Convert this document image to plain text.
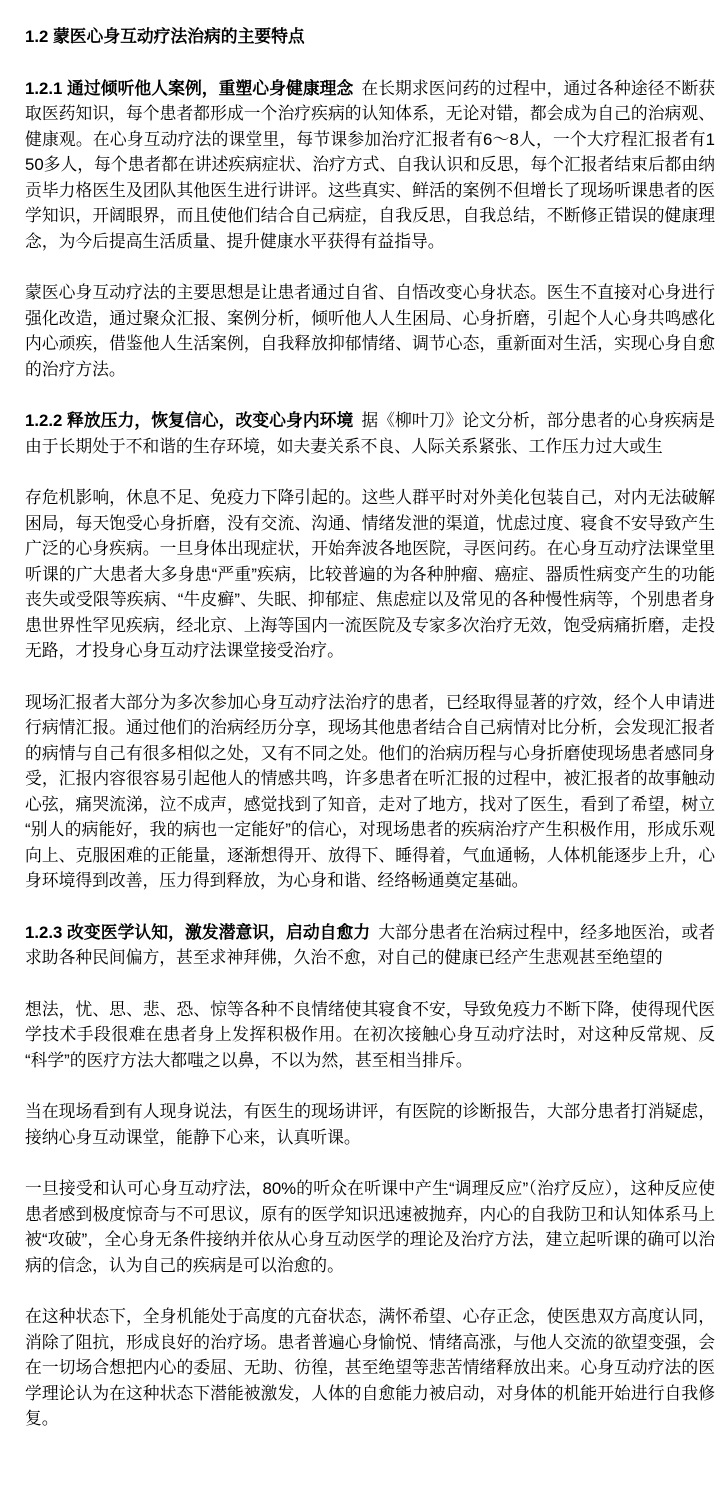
1.2 蒙医心身互动疗法治病的主要特点

1.2.1 通过倾听他人案例，重塑心身健康理念 在长期求医问药的过程中，通过各种途径不断获取医药知识，每个患者都形成一个治疗疾病的认知体系，无论对错，都会成为自己的治病观、健康观。在心身互动疗法的课堂里，每节课参加治疗汇报者有6～8人，一个大疗程汇报者有150多人，每个患者都在讲述疾病症状、治疗方式、自我认识和反思，每个汇报者结束后都由纳贡毕力格医生及团队其他医生进行讲评。这些真实、鲜活的案例不但增长了现场听课患者的医学知识，开阔眼界，而且使他们结合自己病症，自我反思，自我总结，不断修正错误的健康理念，为今后提高生活质量、提升健康水平获得有益指导。

蒙医心身互动疗法的主要思想是让患者通过自省、自悟改变心身状态。医生不直接对心身进行强化改造，通过聚众汇报、案例分析，倾听他人人生困局、心身折磨，引起个人心身共鸣感化内心顽疾，借鉴他人生活案例，自我释放抑郁情绪、调节心态，重新面对生活，实现心身自愈的治疗方法。

1.2.2 释放压力，恢复信心，改变心身内环境 据《柳叶刀》论文分析，部分患者的心身疾病是由于长期处于不和谐的生存环境，如夫妻关系不良、人际关系紧张、工作压力过大或生

存危机影响，休息不足、免疫力下降引起的。这些人群平时对外美化包装自己，对内无法破解困局，每天饱受心身折磨，没有交流、沟通、情绪发泄的渠道，忧虑过度、寝食不安导致产生广泛的心身疾病。一旦身体出现症状，开始奔波各地医院，寻医问药。在心身互动疗法课堂里听课的广大患者大多身患“严重”疾病，比较普遍的为各种肿瘤、癌症、器质性病变产生的功能丧失或受限等疾病、“牛皮癣”、失眠、抑郁症、焦虑症以及常见的各种慢性病等，个别患者身患世界性罕见疾病，经北京、上海等国内一流医院及专家多次治疗无效，饱受病痛折磨，走投无路，才投身心身互动疗法课堂接受治疗。

现场汇报者大部分为多次参加心身互动疗法治疗的患者，已经取得显著的疗效，经个人申请进行病情汇报。通过他们的治病经历分享，现场其他患者结合自己病情对比分析，会发现汇报者的病情与自己有很多相似之处，又有不同之处。他们的治病历程与心身折磨使现场患者感同身受，汇报内容很容易引起他人的情感共鸣，许多患者在听汇报的过程中，被汇报者的故事触动心弦，痛哭流涕，泣不成声，感觉找到了知音，走对了地方，找对了医生，看到了希望，树立“别人的病能好，我的病也一定能好”的信心，对现场患者的疾病治疗产生积极作用，形成乐观向上、克服困难的正能量，逐渐想得开、放得下、睡得着，气血通畅，人体机能逐步上升，心身环境得到改善，压力得到释放，为心身和谐、经络畅通奠定基础。

1.2.3 改变医学认知，激发潜意识，启动自愈力 大部分患者在治病过程中，经多地医治，或者求助各种民间偏方，甚至求神拜佛，久治不愈，对自己的健康已经产生悲观甚至绝望的

想法，忧、思、悲、恐、惊等各种不良情绪使其寝食不安，导致免疫力不断下降，使得现代医学技术手段很难在患者身上发挥积极作用。在初次接触心身互动疗法时，对这种反常规、反“科学”的医疗方法大都嗤之以鼻，不以为然，甚至相当排斥。

当在现场看到有人现身说法，有医生的现场讲评，有医院的诊断报告，大部分患者打消疑虑，接纳心身互动课堂，能静下心来，认真听课。

一旦接受和认可心身互动疗法，80%的听众在听课中产生“调理反应”（治疗反应），这种反应使患者感到极度惊奇与不可思议，原有的医学知识迅速被抛弃，内心的自我防卫和认知体系马上被“攻破”，全心身无条件接纳并依从心身互动医学的理论及治疗方法，建立起听课的确可以治病的信念，认为自己的疾病是可以治愈的。

在这种状态下，全身机能处于高度的亢奋状态，满怀希望、心存正念，使医患双方高度认同，消除了阻抗，形成良好的治疗场。患者普遍心身愉悦、情绪高涨，与他人交流的欲望变强，会在一切场合想把内心的委屈、无助、彷徨，甚至绝望等悲苦情绪释放出来。心身互动疗法的医学理论认为在这种状态下潜能被激发，人体的自愈能力被启动，对身体的机能开始进行自我修复。
